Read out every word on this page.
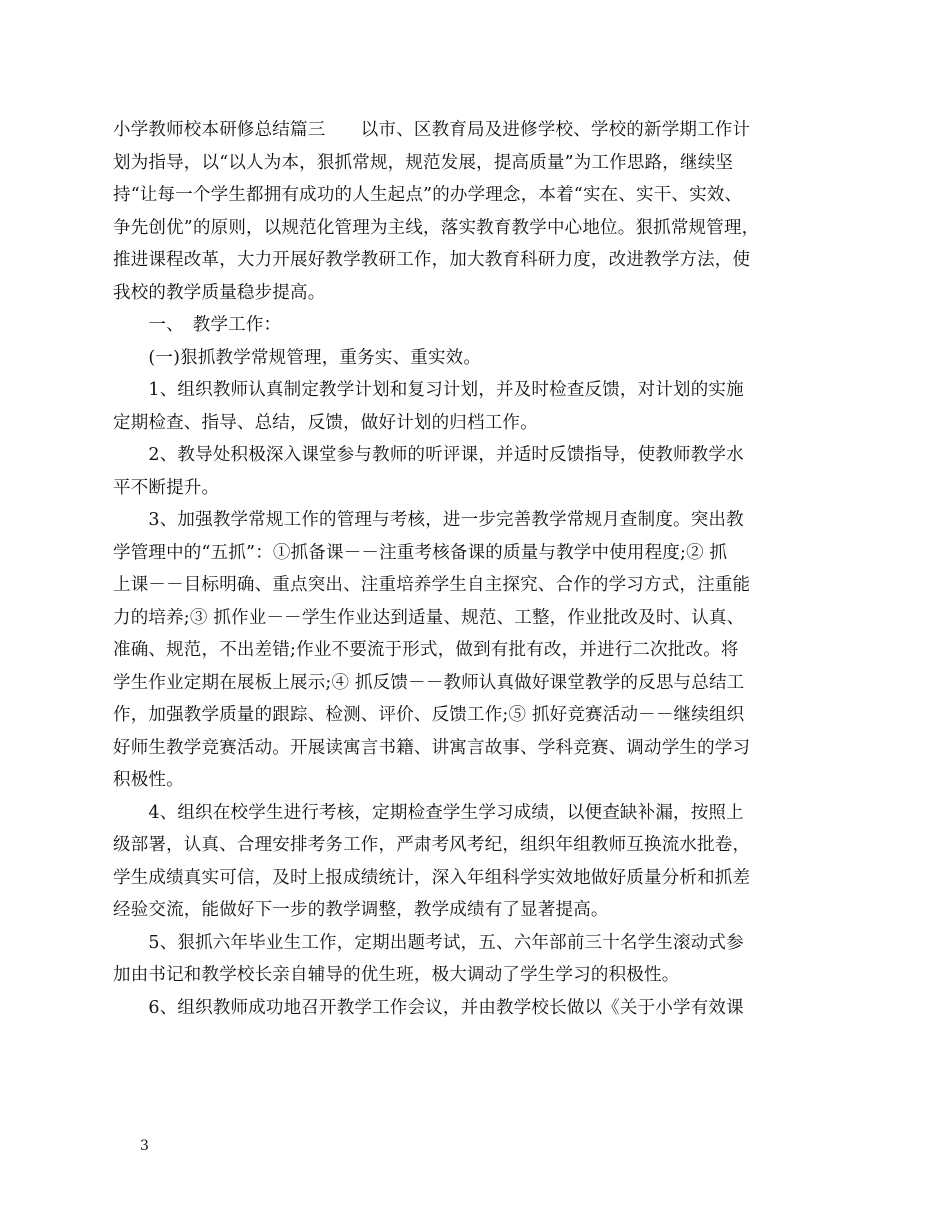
小学教师校本研修总结篇三　　以市、区教育局及进修学校、学校的新学期工作计
划为指导，以“以人为本，狠抓常规，规范发展，提高质量”为工作思路，继续坚
持“让每一个学生都拥有成功的人生起点”的办学理念，本着“实在、实干、实效、
争先创优”的原则，以规范化管理为主线，落实教育教学中心地位。狠抓常规管理，
推进课程改革，大力开展好教学教研工作，加大教育科研力度，改进教学方法，使
我校的教学质量稳步提高。
　　一、　教学工作：
　　(一)狠抓教学常规管理，重务实、重实效。
　　1、组织教师认真制定教学计划和复习计划，并及时检查反馈，对计划的实施
定期检查、指导、总结，反馈，做好计划的归档工作。
　　2、教导处积极深入课堂参与教师的听评课，并适时反馈指导，使教师教学水
平不断提升。
　　3、加强教学常规工作的管理与考核，进一步完善教学常规月查制度。突出教
学管理中的“五抓”：①抓备课－－注重考核备课的质量与教学中使用程度;② 抓
上课－－目标明确、重点突出、注重培养学生自主探究、合作的学习方式，注重能
力的培养;③ 抓作业－－学生作业达到适量、规范、工整，作业批改及时、认真、
准确、规范，不出差错;作业不要流于形式，做到有批有改，并进行二次批改。将
学生作业定期在展板上展示;④ 抓反馈－－教师认真做好课堂教学的反思与总结工
作，加强教学质量的跟踪、检测、评价、反馈工作;⑤ 抓好竞赛活动－－继续组织
好师生教学竞赛活动。开展读寓言书籍、讲寓言故事、学科竞赛、调动学生的学习
积极性。
　　4、组织在校学生进行考核，定期检查学生学习成绩，以便查缺补漏，按照上
级部署，认真、合理安排考务工作，严肃考风考纪，组织年组教师互换流水批卷，
学生成绩真实可信，及时上报成绩统计，深入年组科学实效地做好质量分析和抓差
经验交流，能做好下一步的教学调整，教学成绩有了显著提高。
　　5、狠抓六年毕业生工作，定期出题考试，五、六年部前三十名学生滚动式参
加由书记和教学校长亲自辅导的优生班，极大调动了学生学习的积极性。
　　6、组织教师成功地召开教学工作会议，并由教学校长做以《关于小学有效课
3
